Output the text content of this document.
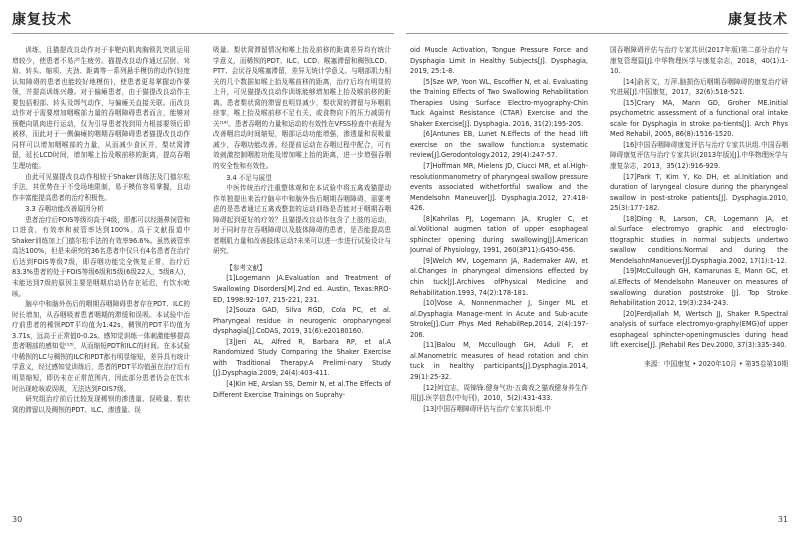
康复技术	康复技术

训练，且猫提改良动作对于非靶向肌肉胸锁乳突肌运用增较少，使患者不易产生疲劳。猫提改良动作通过层肘、耸肩、转头、缩项、夫劲、距离等一系列悬手模仿的动作(轻度认知障碍的患者也能较好地模仿)，使患者更易掌握动作要领，并提高训练兴趣。对于偏瘫患者，由于猫提改良动作主要包括根部、转头及绑气动作，与偏瘫关直接关联。而改良动作对于需要增加咽喉部力量的吞咽障碍患者而言，能够对预靶向肌肉进行运动，仅为引导患者找到用力根部要领后即被移，而此对于一侧偏瘫的咽期吞咽障碍患者猫提改良动作同样可以增加咽喉部的力量，从而减少食区并，梨状窝滞留，延长LCD时间，增加喉上抬及喉前移的距离，提高吞咽生理功能。

由此可见猫提改良动作相较于Shaker训练法及门德尔松手法，其优势在于不受场地限制，易于模仿容易掌握，且动作丰富能提高患者的治疗积极性。

3.3 吞咽功能改善原因分析

患者治疗后FOIS等级均高于4级，即都可以经肠鼻饲管和口进食，有效率和被管率达到100%。高于文献报道中Shaker训练加上门德尔松手法的有效率96.6%。虽然被管率高达100%，但是未研究的36名患者中仅只有4名患者在治疗后达到FOIS等级7级，即吞咽功能完全恢复正常，治疗后83.3%患者的处于FOIS等级6级和5级(6级22人，5级8人)，未能达到7级的原因主要是咽期启动仍存在延迟，有饮水呛咳。

脑卒中和脑外伤后的咽期吞咽障碍患者存在PDT、ILC的时长增加，从吞咽吸着患者咽期的滞缓和误吸。本试验中治疗前患者的稀钡PDT平均值为1.42s，稠钡的PDT平均值为3.71s，远高于正常值0-0.2s。感知觉训练一体刺激能够提高患者咽部的感知觉⁽¹³⁾，从而缩短PDT和ILC的时间。在本试验中稀钡的LC与稠钡的ILC和PDT都有明显缩短，差异具有统计学意义，经过感知觉训练后，患者的PDT平均值虽在治疗后有明显缩短，即仍未在正常范围内，因此部分患者仍会在饮水时出现呛咳或误吸，无法达到FOIS7级。

研究组治疗前后比较发现稀钡的渗透量、误吸量、梨状窝的滞留以及稠钡的PDT、ILC、渗透量、误

吸量、梨状窝滞留情况和喉上抬及前移的距离差异均有统计学意义，而稀钡的PDT、ILC、LCD、喉塞滞留和稠钡LCD、PTT、会厌谷及喉塞滞留，差异无统计学意义。与咽部肌力相关的几个数据如喉上抬及喉前移的距离，治疗后均有明显的上升，可见猫提改良动作训练能够增加喉上抬及喉前移的距离。患者梨状窝的滞留也明显减少，梨状窝的滞留与环咽肌痉挛，喉上抬及喉前移不足有关，或食物向下的压力减弱有关⁽¹⁴⁾。患者吞咽的力量和运动的有效性在VFSS检查中表现为改善咽启动时间缩短，咽部运动功能增强，渗透量和误吸量减少，吞咽功能改善。经提前运动在吞咽过程中配合，可有效刺激控制咽腔功能及增加喉上抬的距离，进一步增强吞咽的安全性和有效性。

3.4 不足与展望

中医传统治疗注重整体观和在本试验中将五禽戏猫提动作单独提出来治疗脑卒中和脑外伤后咽期吞咽障碍，需要考虑的是患者通过五禽戏整套的运动训练是否能对于咽期吞咽障碍起到更好的疗效？且猫提改良动作包含了上肢的运动，对于同时存在吞咽障碍以及肢体障碍的患者，是否能提高患者咽肌力量和改善肢体运动?未来可以进一步进行试验设计与研究。

【参考文献】

[1]Logemann JA.Evaluation and Treatment of Swallowing Disorders[M].2nd ed. Austin, Texas:RRO-ED, 1998:92-107, 215-221, 231.

[2]Souza GAD, Silva RGD, Cola PC, et al. Pharyngeal residue in neurogenic oropharyngeal dysphagia[J].CoDAS, 2019, 31(6):e20180160.

[3]Jeri AL, Alfred R, Barbara RP, et al.A Randomized Study Comparing the Shaker Exercise with Traditional Therapy:A Prelimi-nary Study [J].Dysphagia.2009, 24(4):403-411.

[4]Kin HE, Arslan SS, Demir N, et al.The Effects of Different Exercise Trainings on Suprahy-

oid Muscle Activation, Tongue Pressure Force and Dysphagia Limit in Healthy Subjects[J]. Dysphagia, 2019, 25:1-8.

[5]Sze WP, Yoon WL, Escoffier N, et al. Evaluating the Training Effects of Two Swallowing Rehabilitation Therapies Using Surface Electro-myography-Chin Tuck Against Resistance (CTAR) Exercise and the Shaker Exercise[J]. Dysphagia. 2016, 31(2):195-205.

[6]Antunes EB, Lunet N.Effects of the head lift exercise on the swallow function:a systematic review[J].Gerodontology.2012, 29(4):247-57.

[7]Hoffman MR, Mielens JD, Ciucci MR, et al.High-resolutionmanometry of pharyngeal swallow pressure events associated withetfortful swallow and the Mendelsohn Maneuver[J]. Dysphagia.2012, 27:418-426.

[8]Kahrilas PJ, Logemann JA, Krugler C, et al.Volitional augmen tation of upper esophageal sphincter opening during swallowing[J].American Journal of Physiology, 1991, 260(3P11):G450-456.

[9]Welch MV, Logemann JA, Rademaker AW, et al.Changes in pharyngeal dimensions effected by chin tuck[J].Archives ofPhysical Medicine and Rehabilitation.1993, 74(2):178-181.

[10]Vose A, Nonnenmacher J, Singer ML et al.Dysphagia Manage-ment in Acute and Sub-acute Stroke[J].Curr Phys Med RehabilRep.2014, 2(4):197-206.

[11]Balou M, Mccullough GH, Aduli F, et al.Manometric measures of head rotation and chin tuck in healthy participants[J].Dysphagia.2014, 29(1):25-32.

[12]何宜志，周锦锋.健身气功·五禽戏之猫戏健身养生作用[J].医学信息(中旬刊)，2010，5(2):431-433.

[13]中国吞咽障碍评估与治疗专家共识组.中

国吞咽障碍评估与治疗专家共识(2017年版)第二部分治疗与康复管理篇[J].中华物理医学与康复杂志，2018，40(1):1-10.

[14]俞茗文，万萍.脑损伤后咽期吞咽障碍的康复治疗研究进展[J].中国康复，2017，32(6):518-521.

[15]Crary MA, Mann GD, Groher ME.Initial psychometric assessment of a functional oral intake scale for Dysphagia in stroke pa-tients[J]. Arch Phys Med Rehabil, 2005, 86(8):1516-1520.

[16]中国吞咽障碍康复评估与治疗专家共识组.中国吞咽障碍康复评估与治疗专家共识(2013年版)[J].中华物理医学与康复杂志，2013，35(12):916-929.

[17]Park T, Kim Y, Ko DH, et al.Initiation and duration of laryngeal closure during the pharyngeal swallow in post-stroke patients[J]. Dysphagia.2010, 25(3):177-182.

[18]Ding R, Larson, CR, Logemann JA, et al.Surface electromyo graphic and electroglo-ttographic studies in normal subjects undertwo swallow conditions:Normal and during the MendelsohnManuever[J].Dysphagia.2002, 17(1):1-12.

[19]McCullough GH, Kamarunas E, Mann GC, et al.Effects of Mendelsohn Maneuver on measures of swallowing duration poststroke [J]. Top Stroke Rehabilitation 2012, 19(3):234-243.

[20]Ferdjallah M, Wertsch JJ, Shaker R.Spectral analysis of surface electromyo-graphy(EMG)of upper esophageal sphincter-openingmuscles during head lift exercise[J]. JRehabil Res Dev.2000, 37(3):335-340.

来源：中国康复 • 2020年10月 • 第35卷第10期

30	31
